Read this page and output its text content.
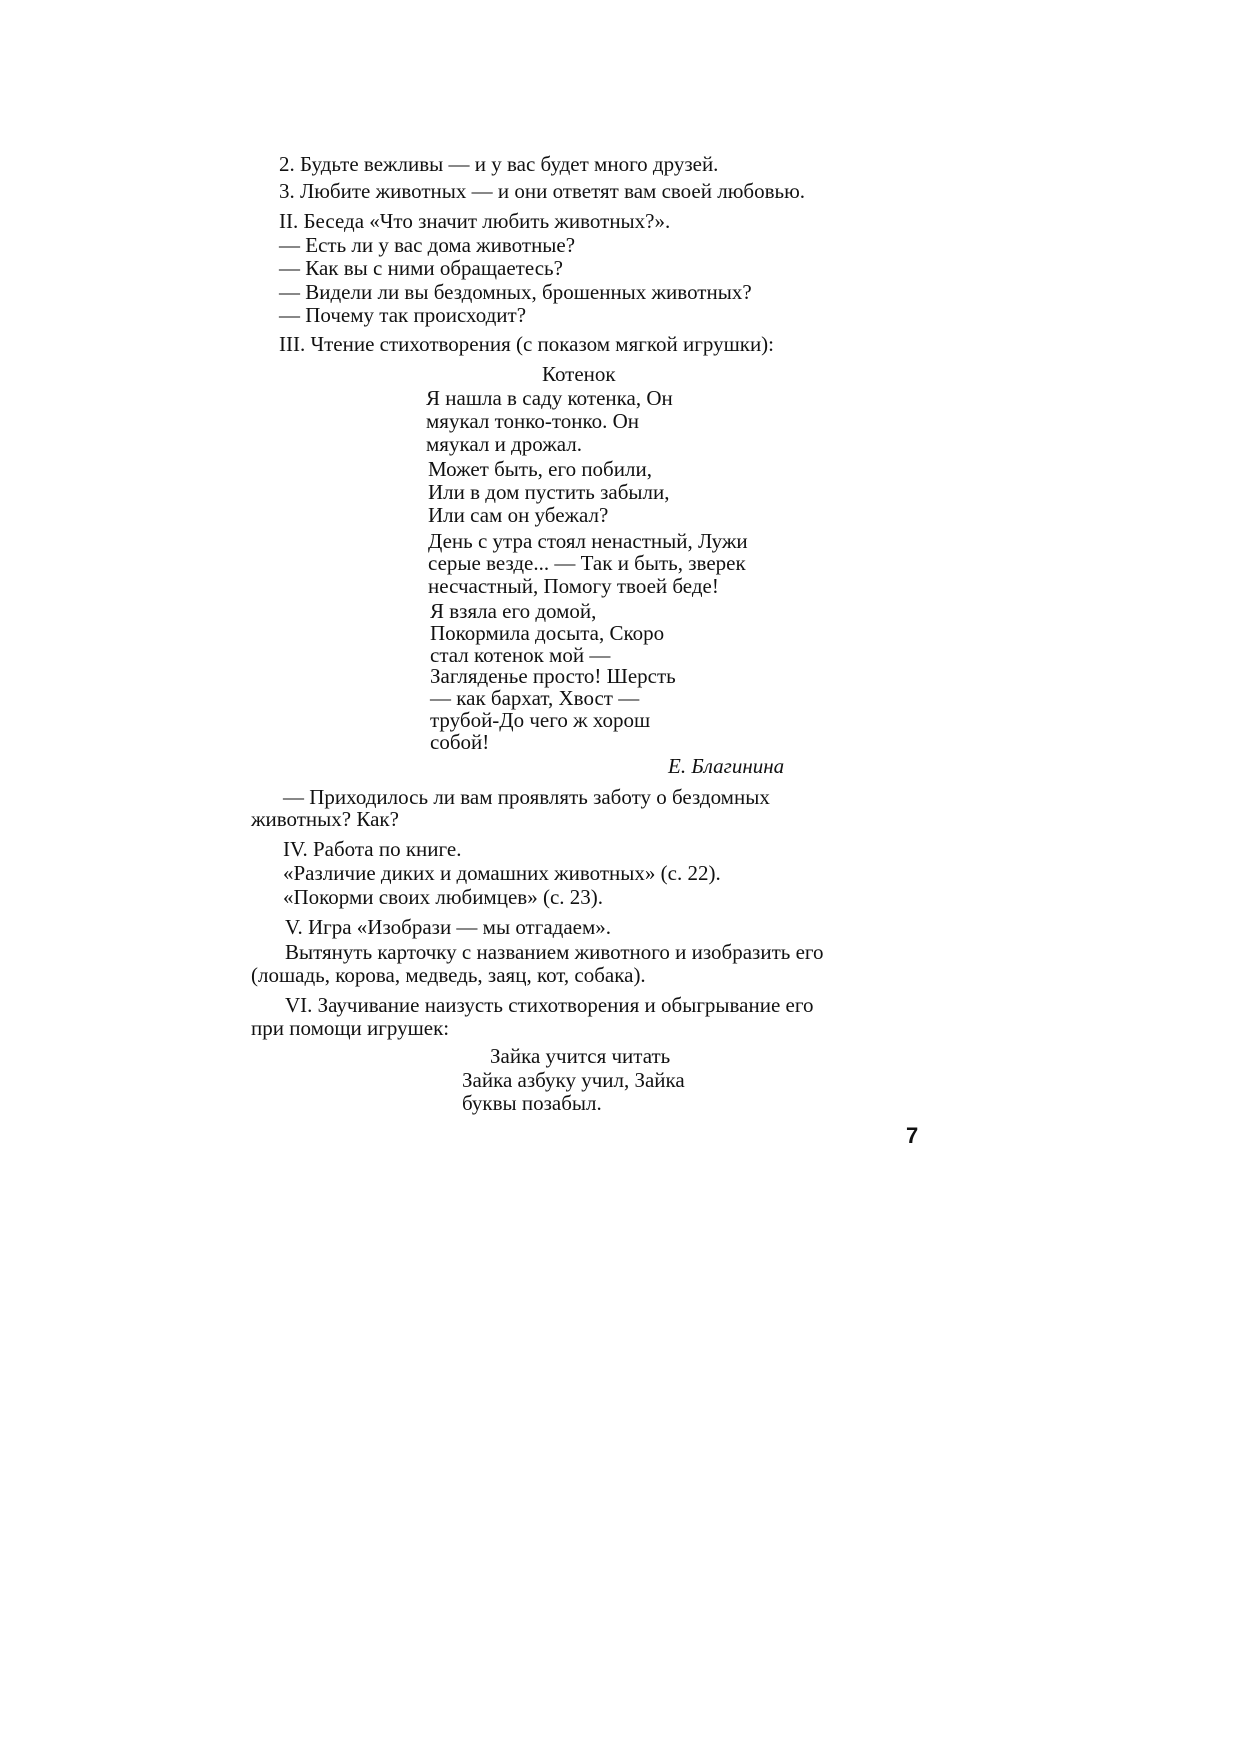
2. Будьте вежливы — и у вас будет много друзей.

3. Любите животных — и они ответят вам своей любовью.

II. Беседа «Что значит любить животных?».

— Есть ли у вас дома животные?

— Как вы с ними обращаетесь?

— Видели ли вы бездомных, брошенных животных?

— Почему так происходит?

III. Чтение стихотворения (с показом мягкой игрушки):

Котенок

Я нашла в саду котенка, Он

мяукал тонко-тонко. Он

мяукал и дрожал.

Может быть, его побили,

Или в дом пустить забыли,

Или сам он убежал?

День с утра стоял ненастный, Лужи

серые везде... — Так и быть, зверек

несчастный, Помогу твоей беде!

Я взяла его домой,

Покормила досыта, Скоро

стал котенок мой —

Загляденье просто! Шерсть

— как бархат, Хвост —

трубой-До чего ж хорош

собой!

Е. Благинина

— Приходилось ли вам проявлять заботу о бездомных

животных? Как?

IV. Работа по книге.

«Различие диких и домашних животных» (с. 22).

«Покорми своих любимцев» (с. 23).

V. Игра «Изобрази — мы отгадаем».

Вытянуть карточку с названием животного и изобразить его

(лошадь, корова, медведь, заяц, кот, собака).

VI. Заучивание наизусть стихотворения и обыгрывание его

при помощи игрушек:

Зайка учится читать

Зайка азбуку учил, Зайка

буквы позабыл.

7
